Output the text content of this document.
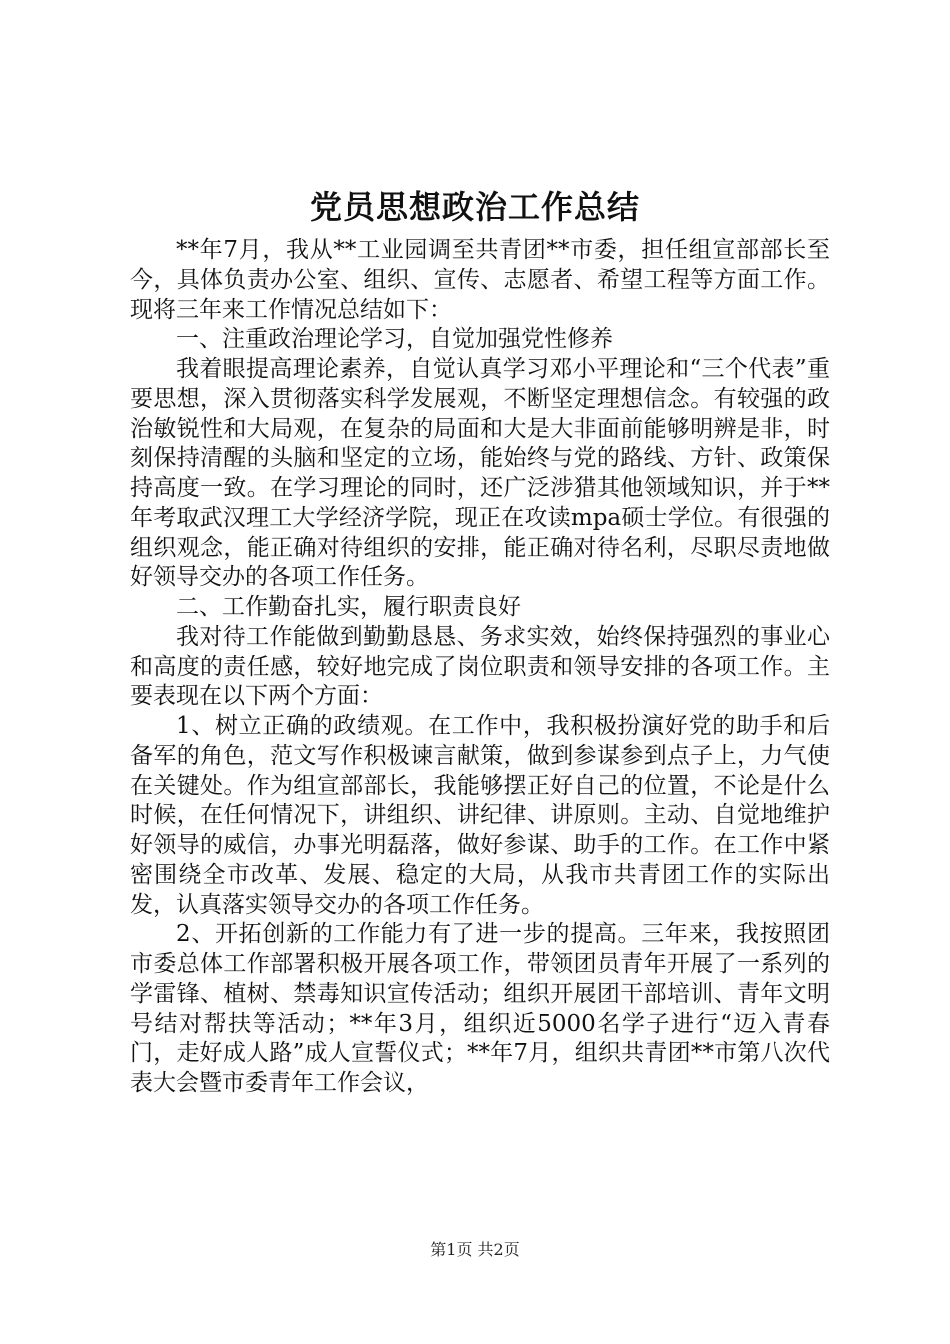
党员思想政治工作总结

**年7月，我从**工业园调至共青团**市委，担任组宣部部长至今，具体负责办公室、组织、宣传、志愿者、希望工程等方面工作。现将三年来工作情况总结如下：

一、注重政治理论学习，自觉加强党性修养

我着眼提高理论素养，自觉认真学习邓小平理论和“三个代表”重要思想，深入贯彻落实科学发展观，不断坚定理想信念。有较强的政治敏锐性和大局观，在复杂的局面和大是大非面前能够明辨是非，时刻保持清醒的头脑和坚定的立场，能始终与党的路线、方针、政策保持高度一致。在学习理论的同时，还广泛涉猎其他领域知识，并于**年考取武汉理工大学经济学院，现正在攻读mpa硕士学位。有很强的组织观念，能正确对待组织的安排，能正确对待名利，尽职尽责地做好领导交办的各项工作任务。

二、工作勤奋扎实，履行职责良好

我对待工作能做到勤勤恳恳、务求实效，始终保持强烈的事业心和高度的责任感，较好地完成了岗位职责和领导安排的各项工作。主要表现在以下两个方面：

1、树立正确的政绩观。在工作中，我积极扮演好党的助手和后备军的角色，范文写作积极谏言献策，做到参谋参到点子上，力气使在关键处。作为组宣部部长，我能够摆正好自己的位置，不论是什么时候，在任何情况下，讲组织、讲纪律、讲原则。主动、自觉地维护好领导的威信，办事光明磊落，做好参谋、助手的工作。在工作中紧密围绕全市改革、发展、稳定的大局，从我市共青团工作的实际出发，认真落实领导交办的各项工作任务。

2、开拓创新的工作能力有了进一步的提高。三年来，我按照团市委总体工作部署积极开展各项工作，带领团员青年开展了一系列的学雷锋、植树、禁毒知识宣传活动；组织开展团干部培训、青年文明号结对帮扶等活动；**年3月，组织近5000名学子进行“迈入青春门，走好成人路”成人宣誓仪式；**年7月，组织共青团**市第八次代表大会暨市委青年工作会议，

第1页 共2页
